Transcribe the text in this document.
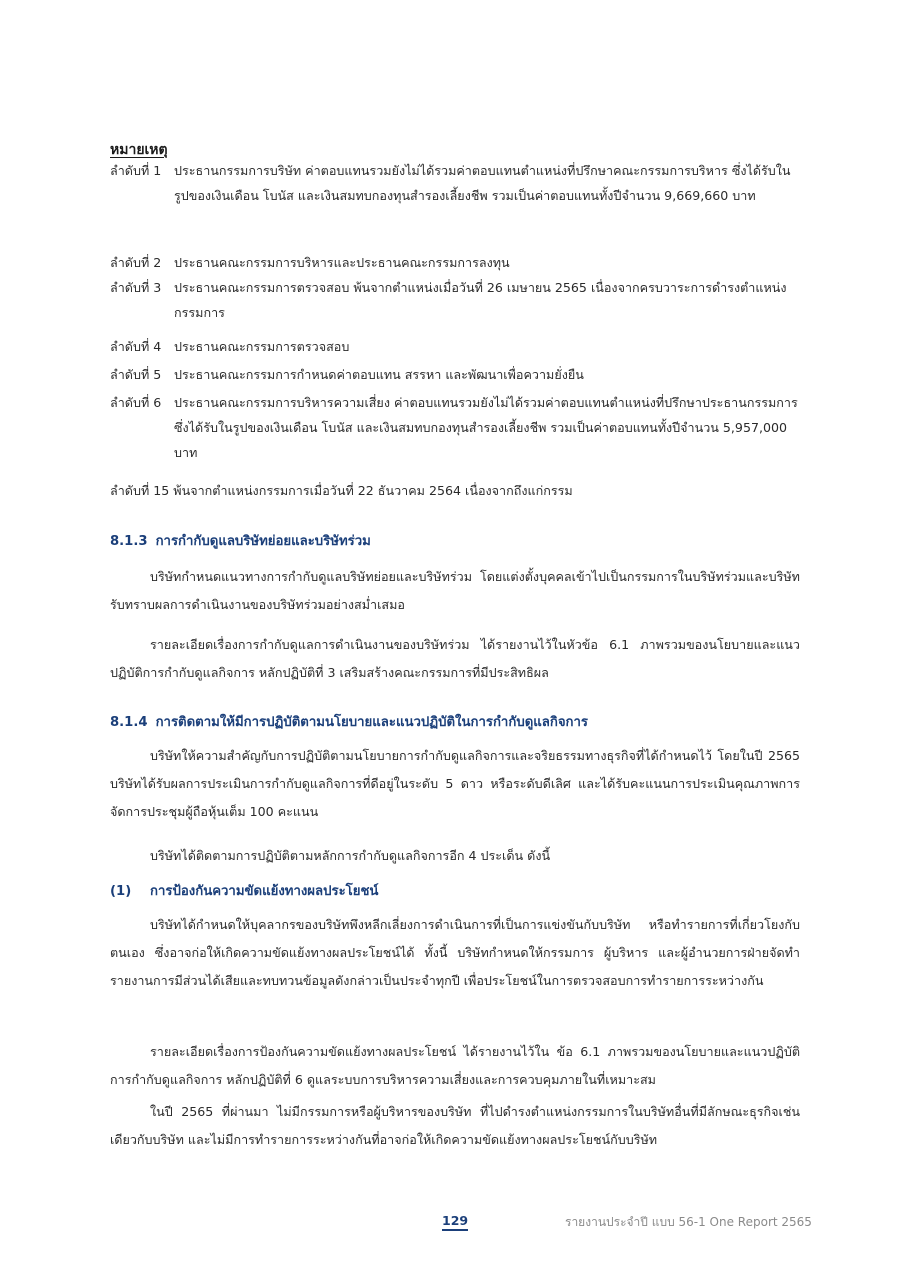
หมายเหตุ
ลำดับที่ 1 ประธานกรรมการบริษัท ค่าตอบแทนรวมยังไม่ได้รวมค่าตอบแทนตำแหน่งที่ปรึกษาคณะกรรมการบริหาร ซึ่งได้รับในรูปของเงินเดือน โบนัส และเงินสมทบกองทุนสำรองเลี้ยงชีพ รวมเป็นค่าตอบแทนทั้งปีจำนวน 9,669,660 บาท
ลำดับที่ 2 ประธานคณะกรรมการบริหารและประธานคณะกรรมการลงทุน
ลำดับที่ 3 ประธานคณะกรรมการตรวจสอบ พ้นจากตำแหน่งเมื่อวันที่ 26 เมษายน 2565 เนื่องจากครบวาระการดำรงตำแหน่งกรรมการ
ลำดับที่ 4 ประธานคณะกรรมการตรวจสอบ
ลำดับที่ 5 ประธานคณะกรรมการกำหนดค่าตอบแทน สรรหา และพัฒนาเพื่อความยั่งยืน
ลำดับที่ 6 ประธานคณะกรรมการบริหารความเสี่ยง ค่าตอบแทนรวมยังไม่ได้รวมค่าตอบแทนตำแหน่งที่ปรึกษาประธานกรรมการ ซึ่งได้รับในรูปของเงินเดือน โบนัส และเงินสมทบกองทุนสำรองเลี้ยงชีพ รวมเป็นค่าตอบแทนทั้งปีจำนวน 5,957,000 บาท
ลำดับที่ 15 พ้นจากตำแหน่งกรรมการเมื่อวันที่ 22 ธันวาคม 2564 เนื่องจากถึงแก่กรรม
8.1.3 การกำกับดูแลบริษัทย่อยและบริษัทร่วม

บริษัทกำหนดแนวทางการกำกับดูแลบริษัทย่อยและบริษัทร่วม โดยแต่งตั้งบุคคลเข้าไปเป็นกรรมการในบริษัทร่วมและบริษัทรับทราบผลการดำเนินงานของบริษัทร่วมอย่างสม่ำเสมอ

รายละเอียดเรื่องการกำกับดูแลการดำเนินงานของบริษัทร่วม ได้รายงานไว้ในหัวข้อ 6.1 ภาพรวมของนโยบายและแนวปฏิบัติการกำกับดูแลกิจการ หลักปฏิบัติที่ 3 เสริมสร้างคณะกรรมการที่มีประสิทธิผล

8.1.4 การติดตามให้มีการปฏิบัติตามนโยบายและแนวปฏิบัติในการกำกับดูแลกิจการ

บริษัทให้ความสำคัญกับการปฏิบัติตามนโยบายการกำกับดูแลกิจการและจริยธรรมทางธุรกิจที่ได้กำหนดไว้ โดยในปี 2565 บริษัทได้รับผลการประเมินการกำกับดูแลกิจการที่ดีอยู่ในระดับ 5 ดาว หรือระดับดีเลิศ และได้รับคะแนนการประเมินคุณภาพการจัดการประชุมผู้ถือหุ้นเต็ม 100 คะแนน

บริษัทได้ติดตามการปฏิบัติตามหลักการกำกับดูแลกิจการอีก 4 ประเด็น ดังนี้

(1) การป้องกันความขัดแย้งทางผลประโยชน์

บริษัทได้กำหนดให้บุคลากรของบริษัทพึงหลีกเลี่ยงการดำเนินการที่เป็นการแข่งขันกับบริษัท หรือทำรายการที่เกี่ยวโยงกับตนเอง ซึ่งอาจก่อให้เกิดความขัดแย้งทางผลประโยชน์ได้ ทั้งนี้ บริษัทกำหนดให้กรรมการ ผู้บริหาร และผู้อำนวยการฝ่ายจัดทำรายงานการมีส่วนได้เสียและทบทวนข้อมูลดังกล่าวเป็นประจำทุกปี เพื่อประโยชน์ในการตรวจสอบการทำรายการระหว่างกัน

รายละเอียดเรื่องการป้องกันความขัดแย้งทางผลประโยชน์ ได้รายงานไว้ใน ข้อ 6.1 ภาพรวมของนโยบายและแนวปฏิบัติการกำกับดูแลกิจการ หลักปฏิบัติที่ 6 ดูแลระบบการบริหารความเสี่ยงและการควบคุมภายในที่เหมาะสม

ในปี 2565 ที่ผ่านมา ไม่มีกรรมการหรือผู้บริหารของบริษัท ที่ไปดำรงตำแหน่งกรรมการในบริษัทอื่นที่มีลักษณะธุรกิจเช่นเดียวกับบริษัท และไม่มีการทำรายการระหว่างกันที่อาจก่อให้เกิดความขัดแย้งทางผลประโยชน์กับบริษัท

129	รายงานประจำปี แบบ 56-1 One Report 2565
